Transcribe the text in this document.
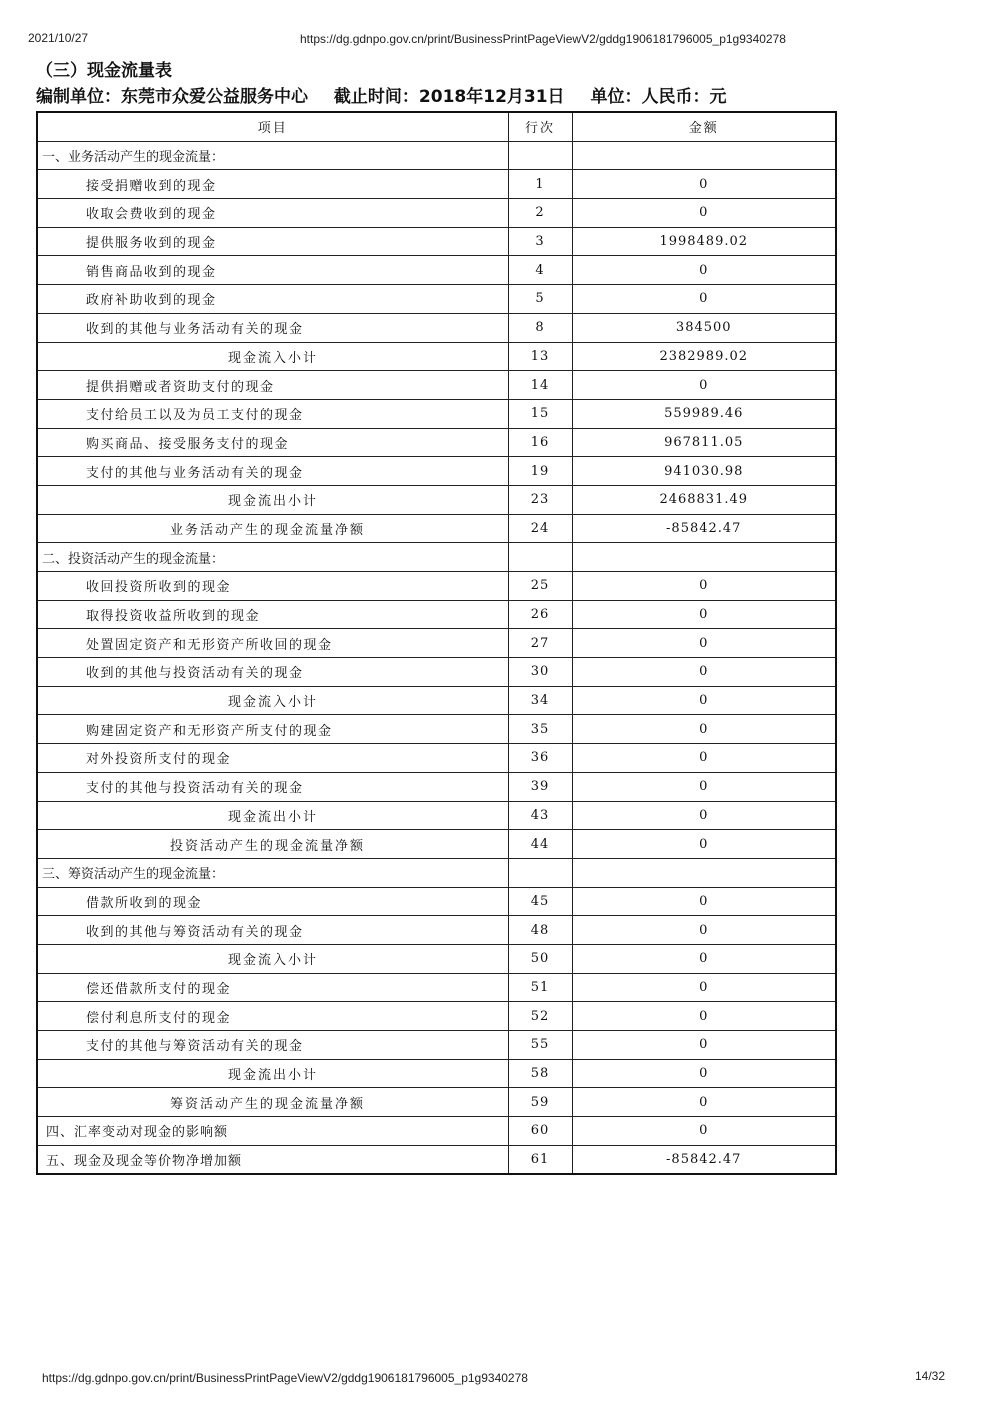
2021/10/27	https://dg.gdnpo.gov.cn/print/BusinessPrintPageViewV2/gddg1906181796005_p1g9340278
（三）现金流量表
编制单位：东莞市众爱公益服务中心 截止时间：2018年12月31日 单位：人民币：元
项目	行次	金额
一、业务活动产生的现金流量：		
接受捐赠收到的现金	1	0
收取会费收到的现金	2	0
提供服务收到的现金	3	1998489.02
销售商品收到的现金	4	0
政府补助收到的现金	5	0
收到的其他与业务活动有关的现金	8	384500
现金流入小计	13	2382989.02
提供捐赠或者资助支付的现金	14	0
支付给员工以及为员工支付的现金	15	559989.46
购买商品、接受服务支付的现金	16	967811.05
支付的其他与业务活动有关的现金	19	941030.98
现金流出小计	23	2468831.49
业务活动产生的现金流量净额	24	-85842.47
二、投资活动产生的现金流量：		
收回投资所收到的现金	25	0
取得投资收益所收到的现金	26	0
处置固定资产和无形资产所收回的现金	27	0
收到的其他与投资活动有关的现金	30	0
现金流入小计	34	0
购建固定资产和无形资产所支付的现金	35	0
对外投资所支付的现金	36	0
支付的其他与投资活动有关的现金	39	0
现金流出小计	43	0
投资活动产生的现金流量净额	44	0
三、筹资活动产生的现金流量：		
借款所收到的现金	45	0
收到的其他与筹资活动有关的现金	48	0
现金流入小计	50	0
偿还借款所支付的现金	51	0
偿付利息所支付的现金	52	0
支付的其他与筹资活动有关的现金	55	0
现金流出小计	58	0
筹资活动产生的现金流量净额	59	0
四、汇率变动对现金的影响额	60	0
五、现金及现金等价物净增加额	61	-85842.47
https://dg.gdnpo.gov.cn/print/BusinessPrintPageViewV2/gddg1906181796005_p1g9340278	14/32
